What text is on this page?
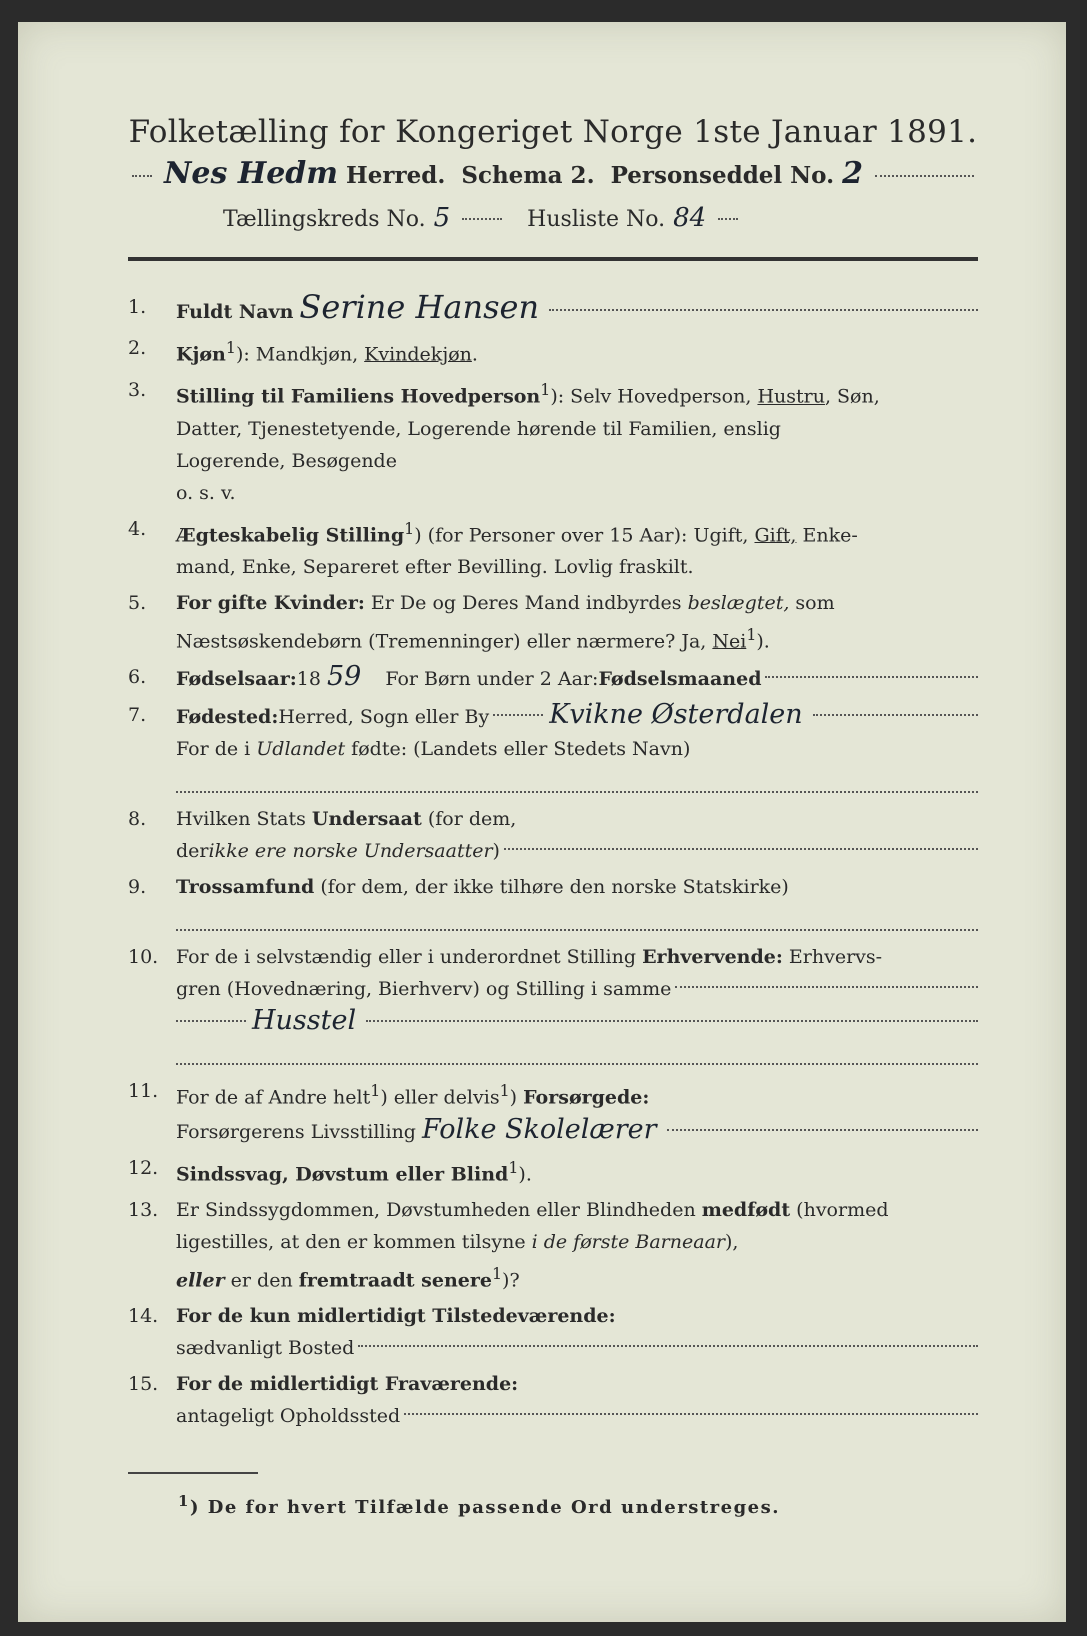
Folketælling for Kongeriget Norge 1ste Januar 1891.
Nes Hedm Herred.
Schema 2.
Personseddel No. 2
Tællingskreds No. 5
	Husliste No. 84
1.	Fuldt Navn Serine Hansen
2.	Kjøn$^1$): Mandkjøn, Kvindekjøn.
3.	Stilling til Familiens Hovedperson$^1$): Selv Hovedperson, Hustru, Søn,
Datter, Tjenestetyende, Logerende hørende til Familien, enslig
Logerende, Besøgende
o. s. v.
4.	Ægteskabelig Stilling$^1$) (for Personer over 15 Aar): Ugift, Gift, Enke-
mand, Enke, Separeret efter Bevilling. Lovlig fraskilt.
5.	For gifte Kvinder: Er De og Deres Mand indbyrdes beslægtet, som
Næstsøskendebørn (Tremenninger) eller nærmere? Ja, Nei$^1$).
6.	Fødselsaar: 18 59	For Børn under 2 Aar: Fødselsmaaned
7.	Fødested: Herred, Sogn eller By Kvikne Østerdalen
For de i Udlandet fødte: (Landets eller Stedets Navn)
8.	Hvilken Stats Undersaat (for dem,
der ikke ere norske Undersaatter )
9.	Trossamfund (for dem, der ikke tilhøre den norske Statskirke)
10. For de i selvstændig eller i underordnet Stilling Erhvervende: Erhvervs-
gren (Hovednæring, Bierhverv) og Stilling i samme
Husstel
11. For de af Andre helt$^1$) eller delvis$^1$) Forsørgede:
Forsørgerens Livsstilling Folke Skolelærer
12. Sindssvag, Døvstum eller Blind$^1$).
13. Er Sindssygdommen, Døvstumheden eller Blindheden medfødt (hvormed
ligestilles, at den er kommen tilsyne i de første Barneaar),
eller er den fremtraadt senere$^1$)?
14. For de kun midlertidigt Tilstedeværende:
sædvanligt Bosted
15. For de midlertidigt Fraværende:
antageligt Opholdssted
$^1$) De for hvert Tilfælde passende Ord understreges.
